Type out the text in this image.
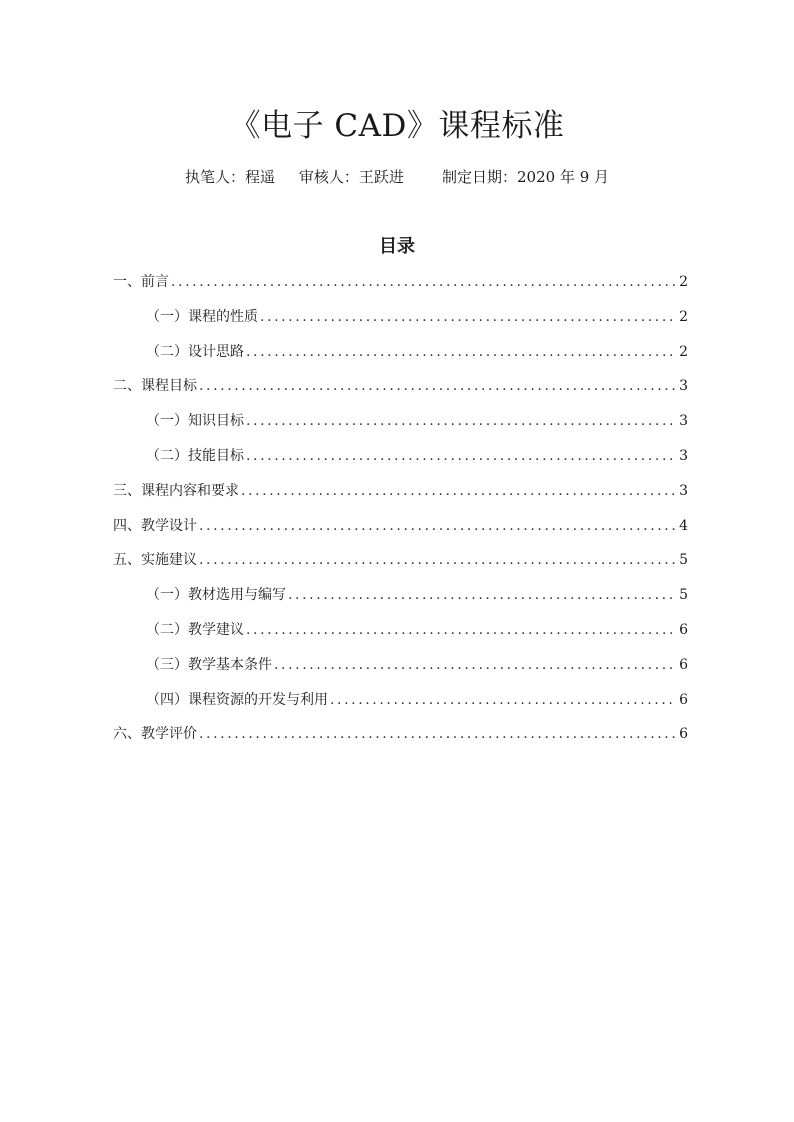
《电子 CAD》课程标准
执笔人：程遥 审核人：王跃进	制定日期：2020 年 9 月
目录
一、前言 .....	2
（一）课程的性质 .....	2
（二）设计思路 .....	2
二、课程目标 .....	3
（一）知识目标 .....	3
（二）技能目标 .....	3
三、课程内容和要求 .....	3
四、教学设计 .....	4
五、实施建议 .....	5
（一）教材选用与编写 .....	5
（二）教学建议 .....	6
（三）教学基本条件 .....	6
（四）课程资源的开发与利用 .....	6
六、教学评价 .....	6
